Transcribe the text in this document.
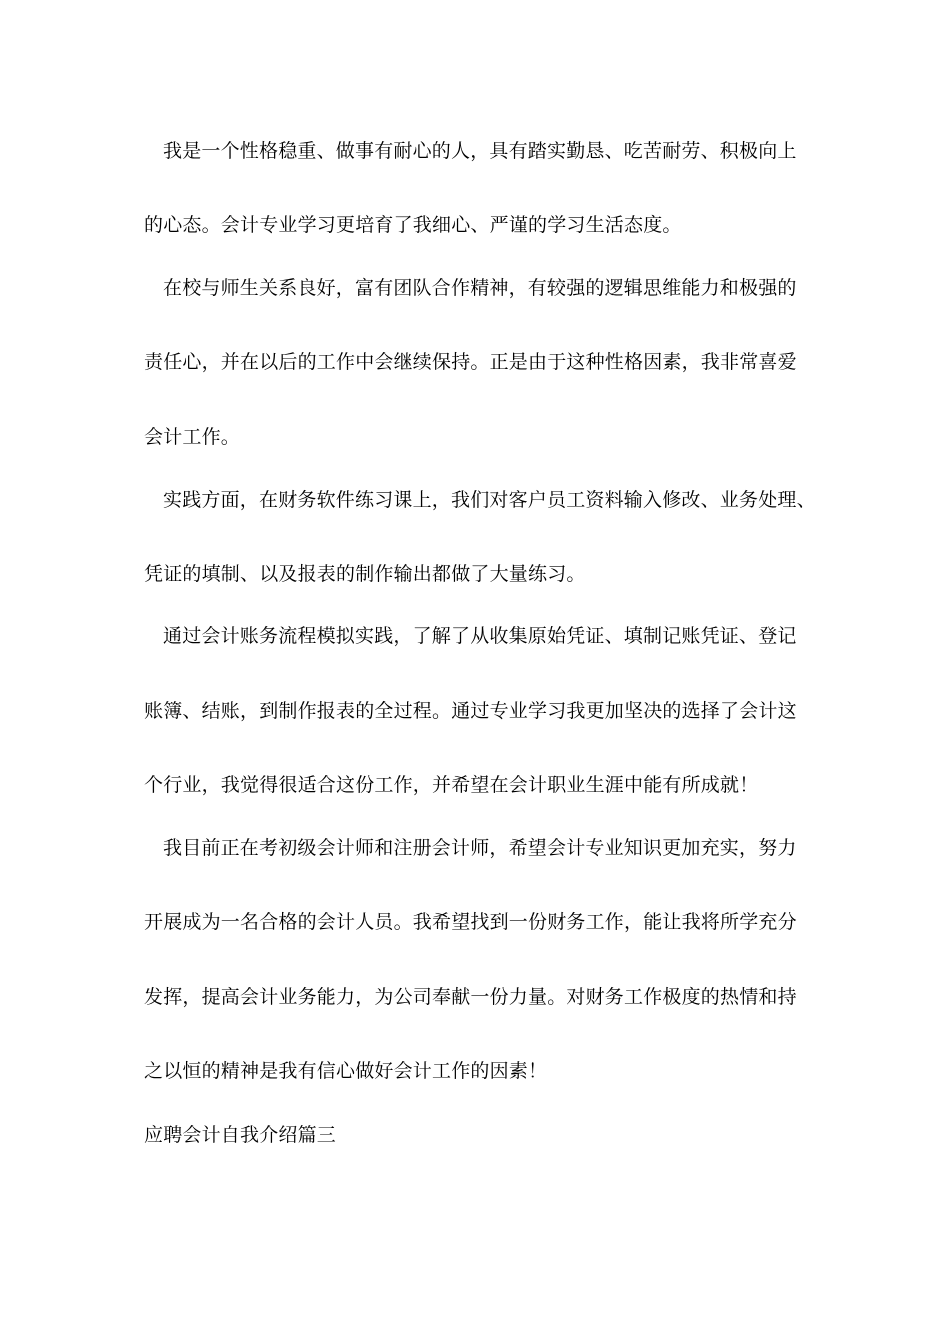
我是一个性格稳重、做事有耐心的人，具有踏实勤恳、吃苦耐劳、积极向上
的心态。会计专业学习更培育了我细心、严谨的学习生活态度。
在校与师生关系良好，富有团队合作精神，有较强的逻辑思维能力和极强的
责任心，并在以后的工作中会继续保持。正是由于这种性格因素，我非常喜爱
会计工作。
实践方面，在财务软件练习课上，我们对客户员工资料输入修改、业务处理、
凭证的填制、以及报表的制作输出都做了大量练习。
通过会计账务流程模拟实践，了解了从收集原始凭证、填制记账凭证、登记
账簿、结账，到制作报表的全过程。通过专业学习我更加坚决的选择了会计这
个行业，我觉得很适合这份工作，并希望在会计职业生涯中能有所成就！
我目前正在考初级会计师和注册会计师，希望会计专业知识更加充实，努力
开展成为一名合格的会计人员。我希望找到一份财务工作，能让我将所学充分
发挥，提高会计业务能力，为公司奉献一份力量。对财务工作极度的热情和持
之以恒的精神是我有信心做好会计工作的因素！
应聘会计自我介绍篇三
